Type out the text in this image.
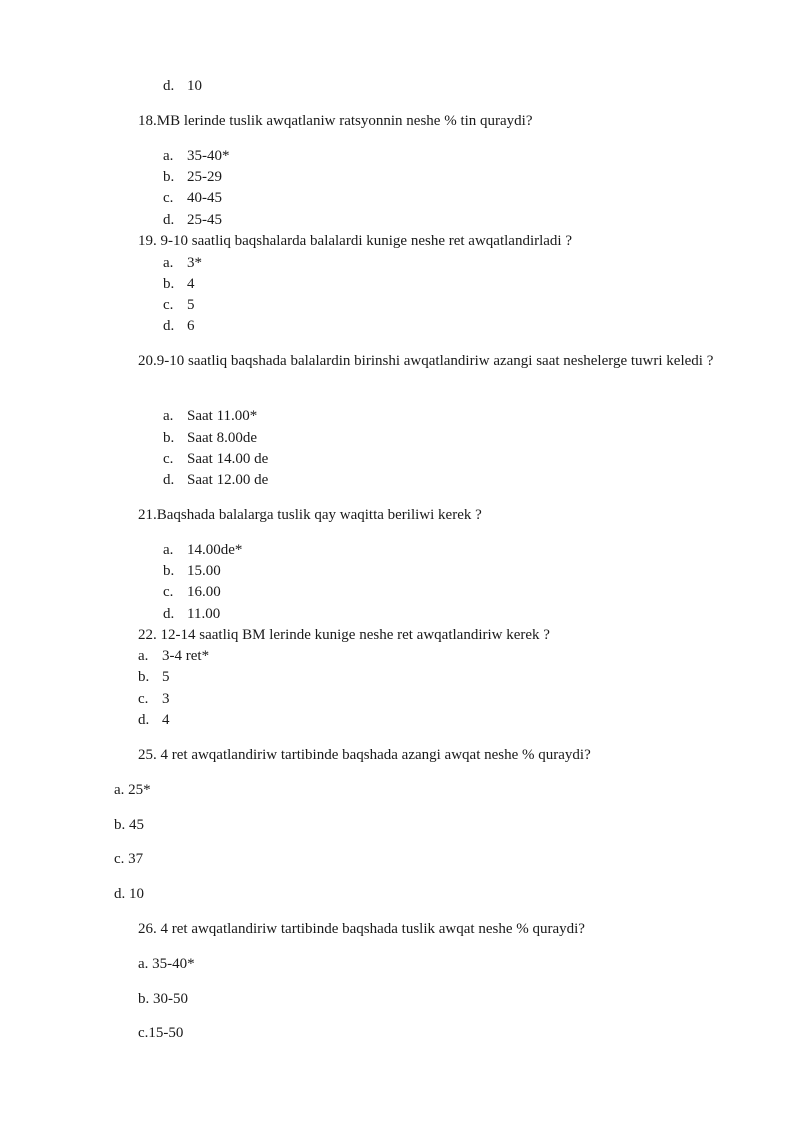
d. 10
18.MB lerinde tuslik awqatlaniw ratsyonnin neshe % tin quraydi?
a. 35-40*
b. 25-29
c. 40-45
d. 25-45
19. 9-10 saatliq baqshalarda balalardi kunige neshe ret awqatlandirladi ?
a. 3*
b. 4
c. 5
d. 6
20.9-10 saatliq baqshada balalardin birinshi awqatlandiriw azangi saat neshelerge tuwri keledi ?
a. Saat 11.00*
b. Saat 8.00de
c. Saat 14.00 de
d. Saat 12.00 de
21.Baqshada balalarga tuslik qay waqitta beriliwi kerek ?
a. 14.00de*
b. 15.00
c. 16.00
d. 11.00
22. 12-14 saatliq BM lerinde kunige neshe ret awqatlandiriw kerek ?
a. 3-4 ret*
b. 5
c. 3
d. 4
25. 4 ret awqatlandiriw tartibinde baqshada azangi awqat neshe % quraydi?
a. 25*
b. 45
c. 37
d. 10
26. 4 ret awqatlandiriw tartibinde baqshada tuslik awqat neshe % quraydi?
a. 35-40*
b. 30-50
c.15-50
